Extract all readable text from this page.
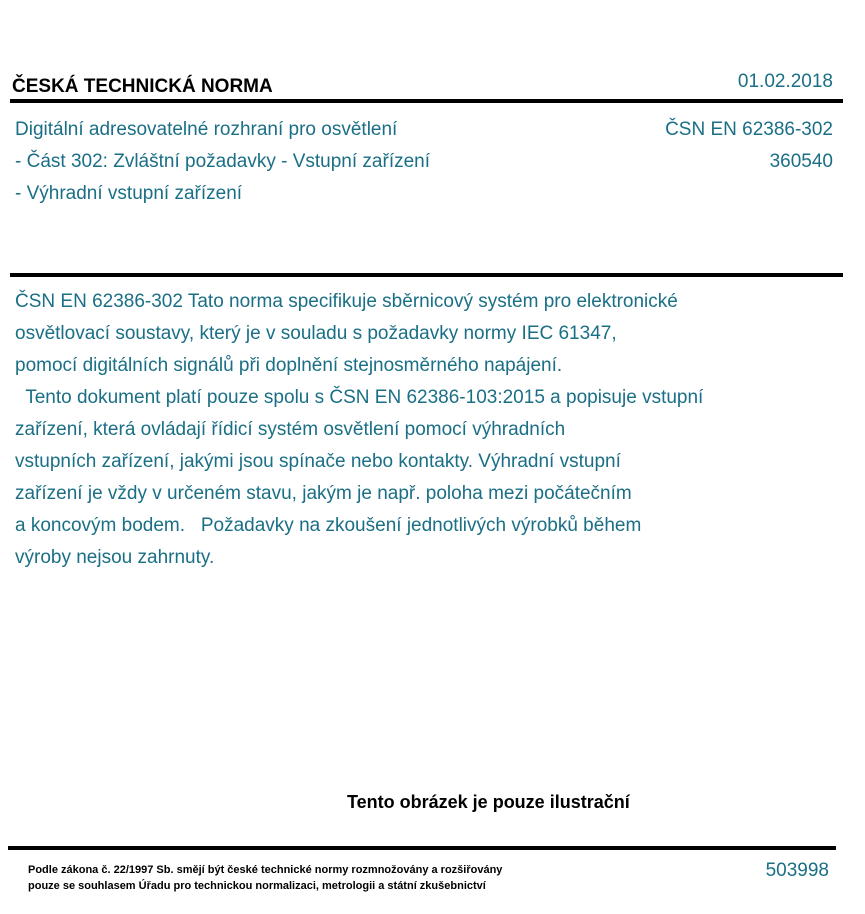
ČESKÁ TECHNICKÁ NORMA	01.02.2018
Digitální adresovatelné rozhraní pro osvětlení
- Část 302: Zvláštní požadavky - Vstupní zařízení
- Výhradní vstupní zařízení
ČSN EN 62386-302
360540
ČSN EN 62386-302 Tato norma specifikuje sběrnicový systém pro elektronické
osvětlovací soustavy, který je v souladu s požadavky normy IEC 61347,
pomocí digitálních signálů při doplnění stejnosměrného napájení.
Tento dokument platí pouze spolu s ČSN EN 62386-103:2015 a popisuje vstupní
zařízení, která ovládají řídicí systém osvětlení pomocí výhradních
vstupních zařízení, jakými jsou spínače nebo kontakty. Výhradní vstupní
zařízení je vždy v určeném stavu, jakým je např. poloha mezi počátečním
a koncovým bodem.   Požadavky na zkoušení jednotlivých výrobků během
výroby nejsou zahrnuty.
Tento obrázek je pouze ilustrační
Podle zákona č. 22/1997 Sb. smějí být české technické normy rozmnožovány a rozšiřovány
pouze se souhlasem Úřadu pro technickou normalizaci, metrologii a státní zkušebnictví
503998
